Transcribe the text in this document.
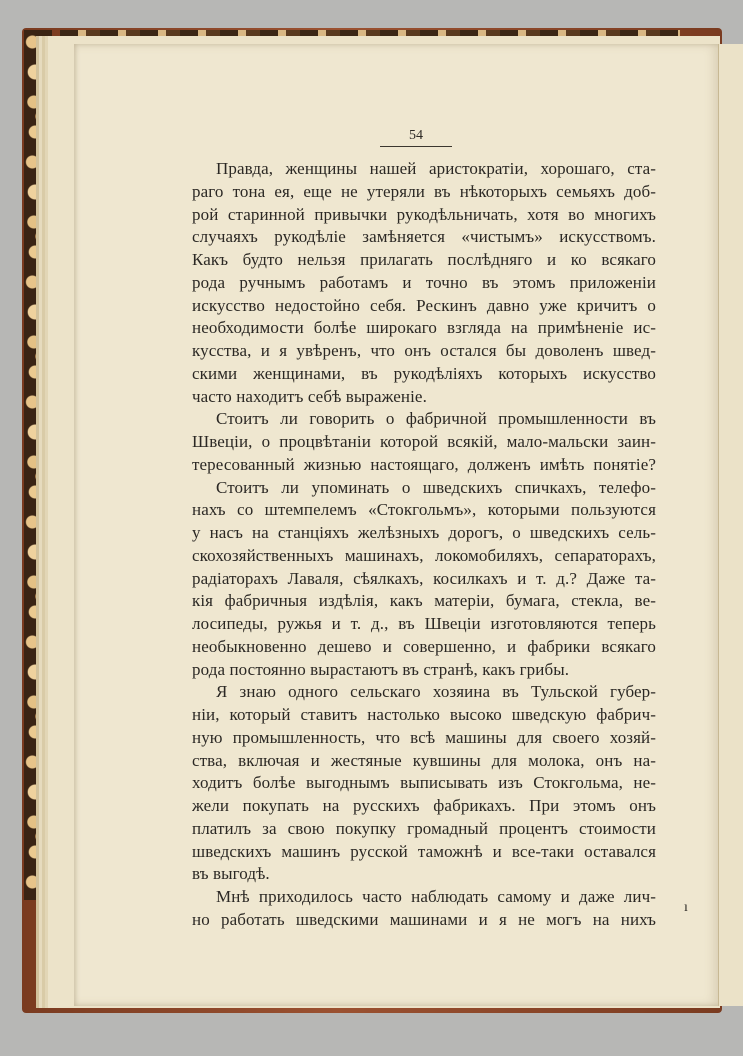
54
Правда, женщины нашей аристократіи, хорошаго, ста-
раго тона ея, еще не утеряли въ нѣкоторыхъ семьяхъ доб-
рой старинной привычки рукодѣльничать, хотя во многихъ
случаяхъ рукодѣліе замѣняется «чистымъ» искусствомъ.
Какъ будто нельзя прилагать послѣдняго и ко всякаго
рода ручнымъ работамъ и точно въ этомъ приложеніи
искусство недостойно себя. Рескинъ давно уже кричитъ о
необходимости болѣе широкаго взгляда на примѣненіе ис-
кусства, и я увѣренъ, что онъ остался бы доволенъ швед-
скими женщинами, въ рукодѣліяхъ которыхъ искусство
часто находитъ себѣ выраженіе.
Стоитъ ли говорить о фабричной промышленности въ
Швеціи, о процвѣтаніи которой всякій, мало-мальски заин-
тересованный жизнью настоящаго, долженъ имѣть понятіе?
Стоитъ ли упоминать о шведскихъ спичкахъ, телефо-
нахъ со штемпелемъ «Стокгольмъ», которыми пользуются
у насъ на станціяхъ желѣзныхъ дорогъ, о шведскихъ сель-
скохозяйственныхъ машинахъ, локомобиляхъ, сепараторахъ,
радіаторахъ Лаваля, сѣялкахъ, косилкахъ и т. д.? Даже та-
кія фабричныя издѣлія, какъ матеріи, бумага, стекла, ве-
лосипеды, ружья и т. д., въ Швеціи изготовляются теперь
необыкновенно дешево и совершенно, и фабрики всякаго
рода постоянно вырастаютъ въ странѣ, какъ грибы.
Я знаю одного сельскаго хозяина въ Тульской губер-
ніи, который ставитъ настолько высоко шведскую фабрич-
ную промышленность, что всѣ машины для своего хозяй-
ства, включая и жестяные кувшины для молока, онъ на-
ходитъ болѣе выгоднымъ выписывать изъ Стокгольма, не-
жели покупать на русскихъ фабрикахъ. При этомъ онъ
платилъ за свою покупку громадный процентъ стоимости
шведскихъ машинъ русской таможнѣ и все-таки оставался
въ выгодѣ.
Мнѣ приходилось часто наблюдать самому и даже лич-
но работать шведскими машинами и я не могъ на нихъ
ı
